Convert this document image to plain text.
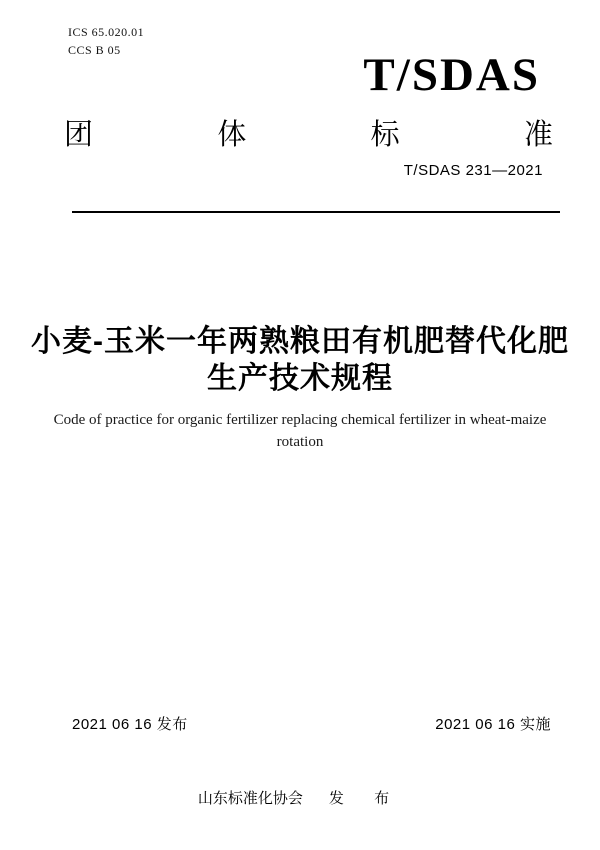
ICS 65.020.01
CCS B 05	T/SDAS
团	体	标	准
T/SDAS 231—2021
小麦-玉米一年两熟粮田有机肥替代化肥
生产技术规程
Code of practice for organic fertilizer replacing chemical fertilizer in wheat-maize
rotation
2021 06 16 发布	2021 06 16 实施
山东标准化协会 发 布
